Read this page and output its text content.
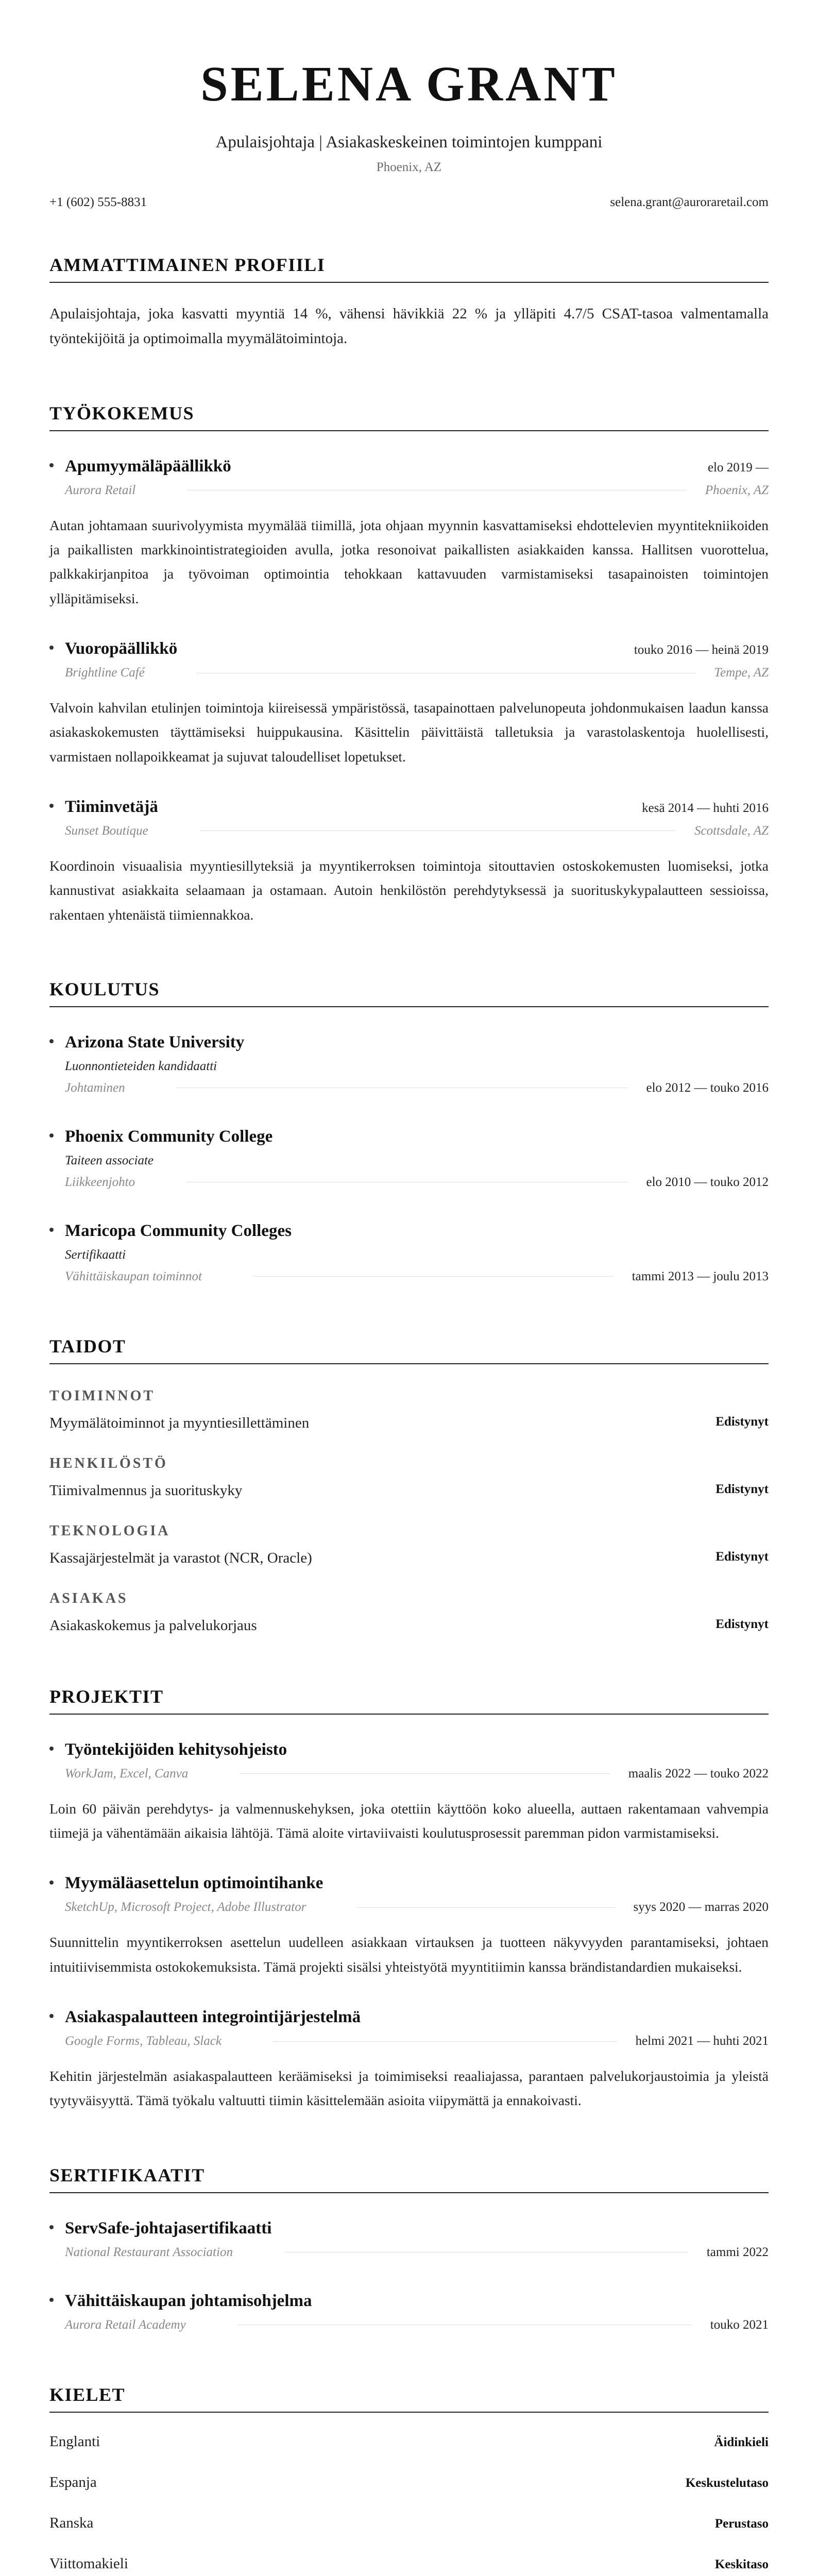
SELENA GRANT
Apulaisjohtaja | Asiakaskeskeinen toimintojen kumppani
Phoenix, AZ
+1 (602) 555-8831	selena.grant@auroraretail.com
AMMATTIMAINEN PROFIILI
Apulaisjohtaja, joka kasvatti myyntiä 14 %, vähensi hävikkiä 22 % ja ylläpiti 4.7/5 CSAT-tasoa valmentamalla työntekijöitä ja optimoimalla myymälätoimintoja.
TYÖKOKEMUS
Apumyymäläpäällikkö	elo 2019 —
Aurora Retail	Phoenix, AZ
Autan johtamaan suurivolyymista myymälää tiimillä, jota ohjaan myynnin kasvattamiseksi ehdottelevien myyntitekniikoiden ja paikallisten markkinointistrategioiden avulla, jotka resonoivat paikallisten asiakkaiden kanssa. Hallitsen vuorottelua, palkkakirjanpitoa ja työvoiman optimointia tehokkaan kattavuuden varmistamiseksi tasapainoisten toimintojen ylläpitämiseksi.
Vuoropäällikkö	touko 2016 — heinä 2019
Brightline Café	Tempe, AZ
Valvoin kahvilan etulinjen toimintoja kiireisessä ympäristössä, tasapainottaen palvelunopeuta johdonmukaisen laadun kanssa asiakaskokemusten täyttämiseksi huippukausina. Käsittelin päivittäistä talletuksia ja varastolaskentoja huolellisesti, varmistaen nollapoikkeamat ja sujuvat taloudelliset lopetukset.
Tiiminvetäjä	kesä 2014 — huhti 2016
Sunset Boutique	Scottsdale, AZ
Koordinoin visuaalisia myyntiesillyteksiä ja myyntikerroksen toimintoja sitouttavien ostoskokemusten luomiseksi, jotka kannustivat asiakkaita selaamaan ja ostamaan. Autoin henkilöstön perehdytyksessä ja suorituskykypalautteen sessioissa, rakentaen yhtenäistä tiimiennakkoa.
KOULUTUS
Arizona State University
Luonnontieteiden kandidaatti
Johtaminen	elo 2012 — touko 2016
Phoenix Community College
Taiteen associate
Liikkeenjohto	elo 2010 — touko 2012
Maricopa Community Colleges
Sertifikaatti
Vähittäiskaupan toiminnot	tammi 2013 — joulu 2013
TAIDOT
TOIMINNOT
Myymälätoiminnot ja myyntiesillettäminen	Edistynyt
HENKILÖSTÖ
Tiimivalmennus ja suorituskyky	Edistynyt
TEKNOLOGIA
Kassajärjestelmät ja varastot (NCR, Oracle)	Edistynyt
ASIAKAS
Asiakaskokemus ja palvelukorjaus	Edistynyt
PROJEKTIT
Työntekijöiden kehitysohjeisto
WorkJam, Excel, Canva	maalis 2022 — touko 2022
Loin 60 päivän perehdytys- ja valmennuskehyksen, joka otettiin käyttöön koko alueella, auttaen rakentamaan vahvempia tiimejä ja vähentämään aikaisia lähtöjä. Tämä aloite virtaviivaisti koulutusprosessit paremman pidon varmistamiseksi.
Myymäläasettelun optimointihanke
SketchUp, Microsoft Project, Adobe Illustrator	syys 2020 — marras 2020
Suunnittelin myyntikerroksen asettelun uudelleen asiakkaan virtauksen ja tuotteen näkyvyyden parantamiseksi, johtaen intuitiivisemmista ostokokemuksista. Tämä projekti sisälsi yhteistyötä myyntitiimin kanssa brändistandardien mukaiseksi.
Asiakaspalautteen integrointijärjestelmä
Google Forms, Tableau, Slack	helmi 2021 — huhti 2021
Kehitin järjestelmän asiakaspalautteen keräämiseksi ja toimimiseksi reaaliajassa, parantaen palvelukorjaustoimia ja yleistä tyytyväisyyttä. Tämä työkalu valtuutti tiimin käsittelemään asioita viipymättä ja ennakoivasti.
SERTIFIKAATIT
ServSafe-johtajasertifikaatti
National Restaurant Association	tammi 2022
Vähittäiskaupan johtamisohjelma
Aurora Retail Academy	touko 2021
KIELET
Englanti	Äidinkieli
Espanja	Keskustelutaso
Ranska	Perustaso
Viittomakieli	Keskitaso
